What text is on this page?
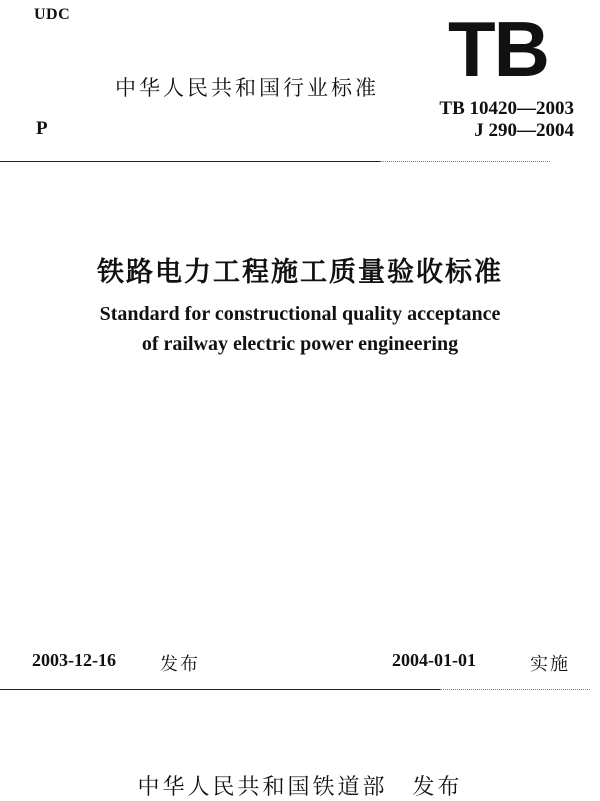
UDC
中华人民共和国行业标准
P
TB
TB 10420—2003
J 290—2004
铁路电力工程施工质量验收标准
Standard for constructional quality acceptance
of railway electric power engineering
2003-12-16 发布	2004-01-01	实施
中华人民共和国铁道部　发布
